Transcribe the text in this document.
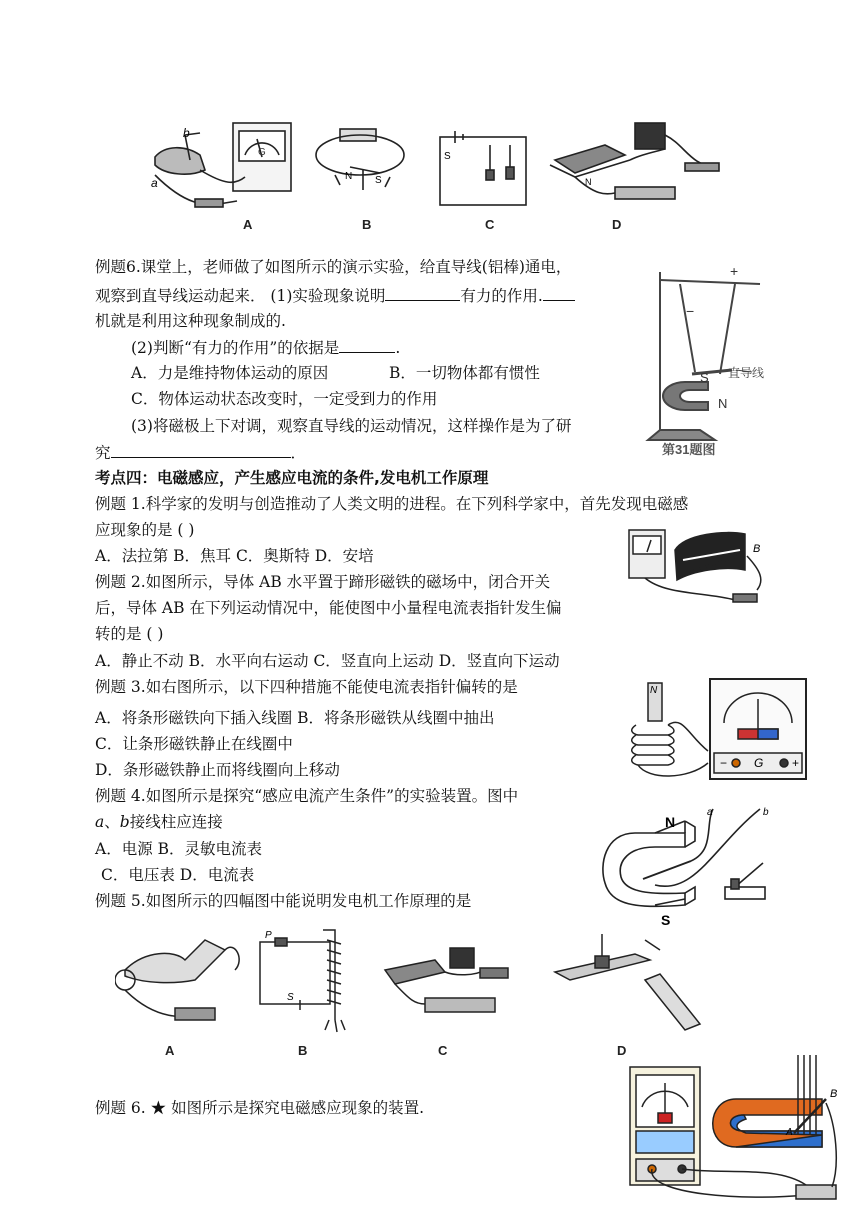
b
a
G
N S
S
N
A	B	C	D
例题6.课堂上，老师做了如图所示的演示实验，给直导线(铝棒)通电，
观察到直导线运动起来． (1)实验现象说明	有力的作用.
机就是利用这种现象制成的.
(2)判断“有力的作用”的依据是	.
A．力是维持物体运动的原因	B．一切物体都有惯性
C．物体运动状态改变时，一定受到力的作用
(3)将磁极上下对调，观察直导线的运动情况，这样操作是为了研
究	．
+
−
S
N
直导线
第31题图
考点四：电磁感应，产生感应电流的条件,发电机工作原理
例题 1.科学家的发明与创造推动了人类文明的进程。在下列科学家中，首先发现电磁感
应现象的是 ( )
A．法拉第 B．焦耳 C．奥斯特 D．安培
例题 2.如图所示，导体 AB 水平置于蹄形磁铁的磁场中，闭合开关
后，导体 AB 在下列运动情况中，能使图中小量程电流表指针发生偏
转的是 ( )
A．静止不动 B．水平向右运动 C．竖直向上运动 D．竖直向下运动
B
例题 3.如右图所示，以下四种措施不能使电流表指针偏转的是
A．将条形磁铁向下插入线圈 B．将条形磁铁从线圈中抽出
C．让条形磁铁静止在线圈中
D．条形磁铁静止而将线圈向上移动
N
G
−	+
例题 4.如图所示是探究“感应电流产生条件”的实验装置。图中
a、b接线柱应连接
A．电源 B．灵敏电流表
C．电压表 D．电流表
N
S
a	b
例题 5.如图所示的四幅图中能说明发电机工作原理的是
P
S
A	B	C	D
例题 6. ★ 如图所示是探究电磁感应现象的装置.
A
B
